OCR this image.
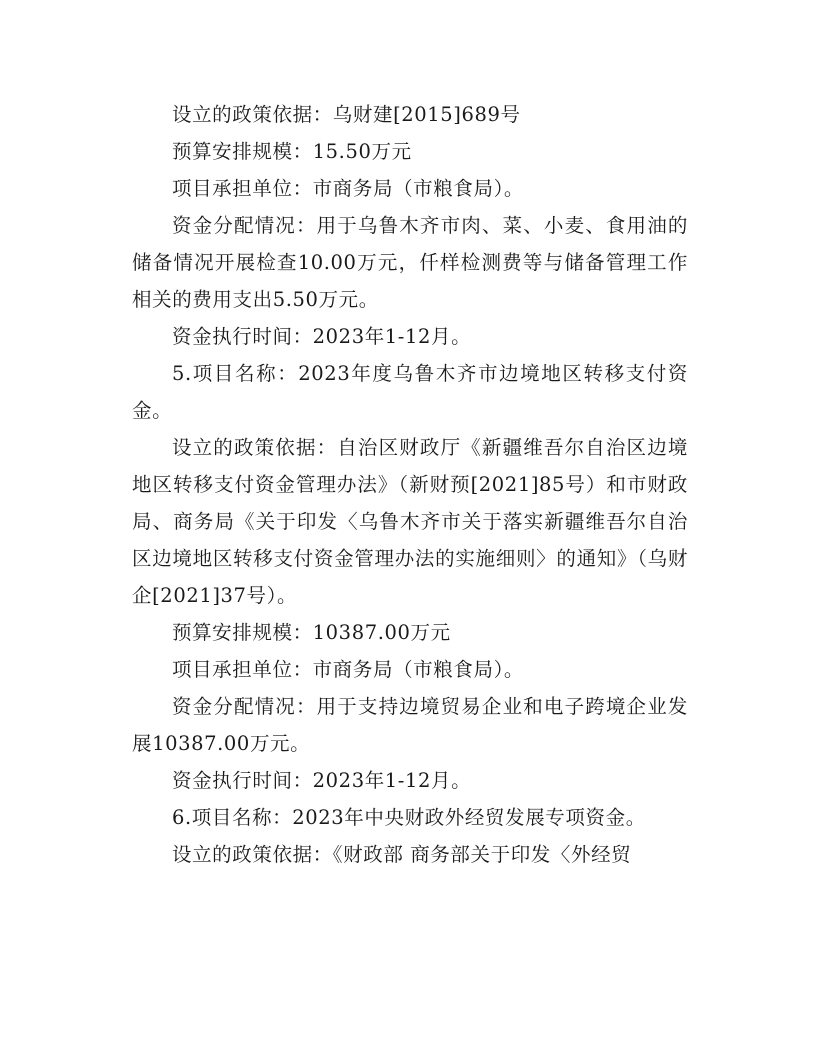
设立的政策依据：乌财建[2015]689号

预算安排规模：15.50万元

项目承担单位：市商务局（市粮食局）。

资金分配情况：用于乌鲁木齐市肉、菜、小麦、食用油的储备情况开展检查10.00万元，仟样检测费等与储备管理工作相关的费用支出5.50万元。

资金执行时间：2023年1-12月。

5.项目名称：2023年度乌鲁木齐市边境地区转移支付资金。

设立的政策依据：自治区财政厅《新疆维吾尔自治区边境地区转移支付资金管理办法》（新财预[2021]85号）和市财政局、商务局《关于印发〈乌鲁木齐市关于落实新疆维吾尔自治区边境地区转移支付资金管理办法的实施细则〉的通知》（乌财企[2021]37号）。

预算安排规模：10387.00万元

项目承担单位：市商务局（市粮食局）。

资金分配情况：用于支持边境贸易企业和电子跨境企业发展10387.00万元。

资金执行时间：2023年1-12月。

6.项目名称：2023年中央财政外经贸发展专项资金。

设立的政策依据：《财政部 商务部关于印发〈外经贸
